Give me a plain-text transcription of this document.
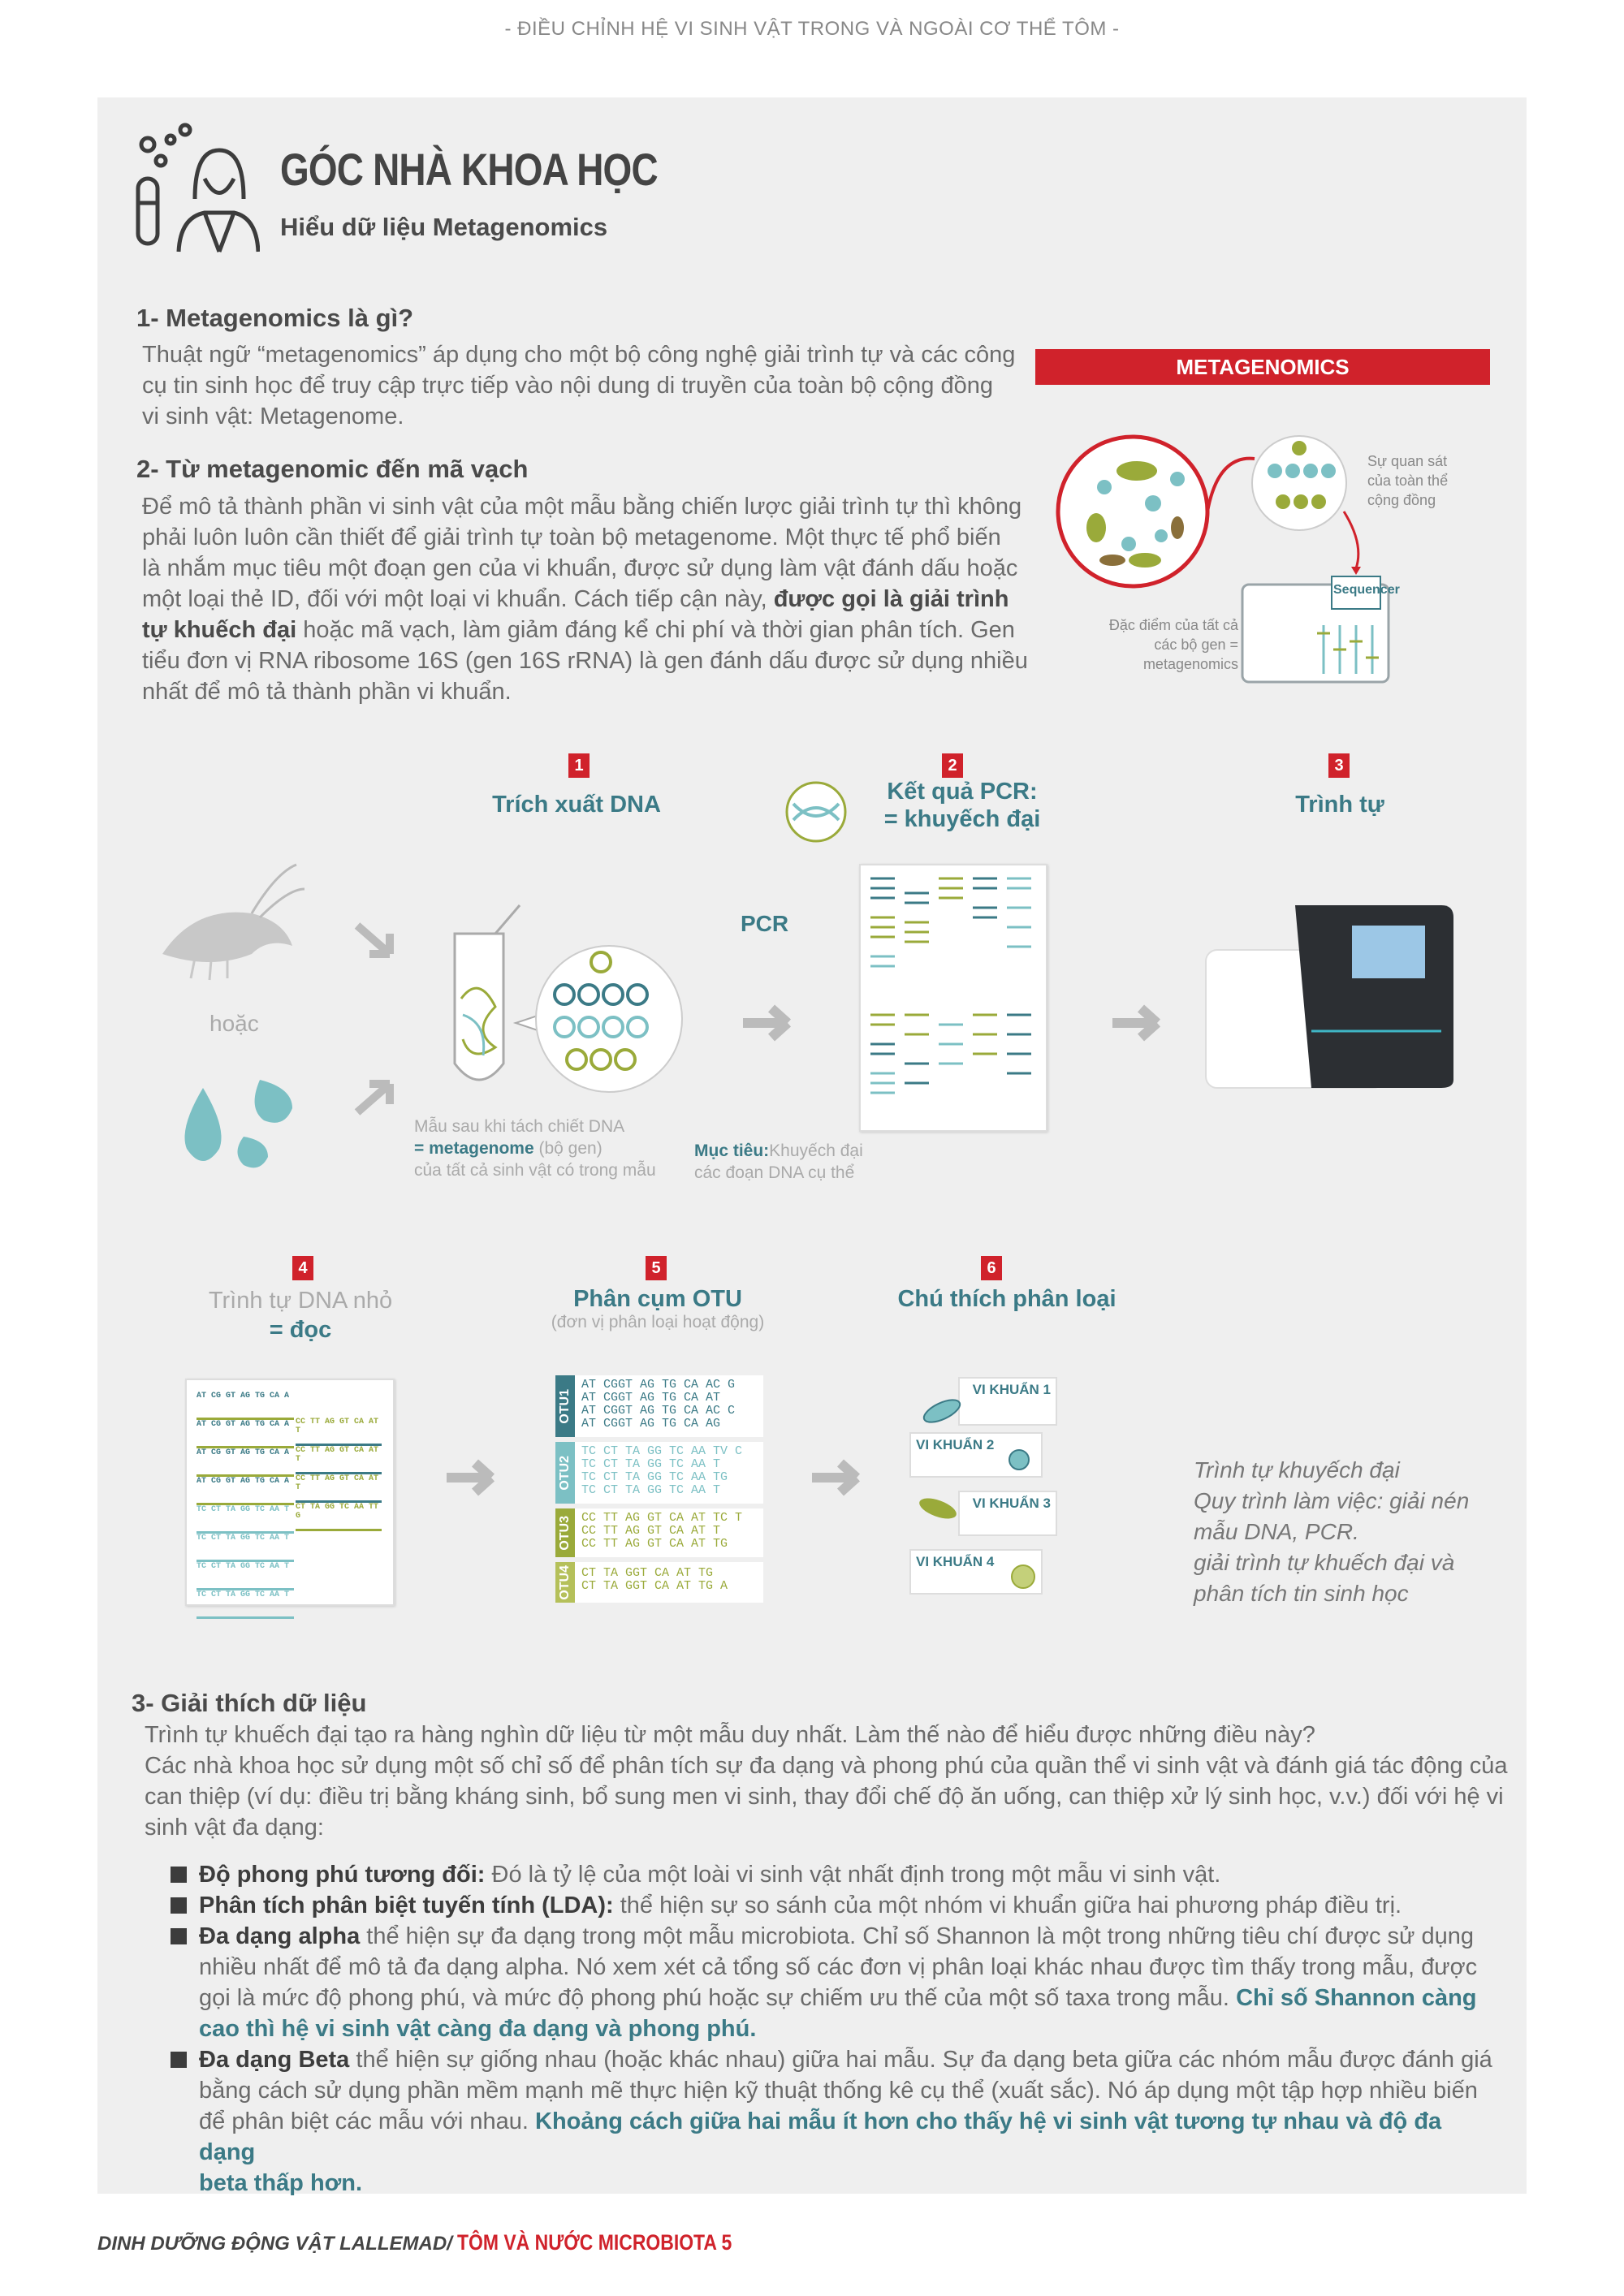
- ĐIỀU CHỈNH HỆ VI SINH VẬT TRONG VÀ NGOÀI CƠ THỂ TÔM -
GÓC NHÀ KHOA HỌC
Hiểu dữ liệu Metagenomics
1- Metagenomics là gì?
Thuật ngữ “metagenomics” áp dụng cho một bộ công nghệ giải trình tự và các công
cụ tin sinh học để truy cập trực tiếp vào nội dung di truyền của toàn bộ cộng đồng
vi sinh vật: Metagenome.
2- Từ metagenomic đến mã vạch
Để mô tả thành phần vi sinh vật của một mẫu bằng chiến lược giải trình tự thì không
phải luôn luôn cần thiết để giải trình tự toàn bộ metagenome. Một thực tế phổ biến
là nhắm mục tiêu một đoạn gen của vi khuẩn, được sử dụng làm vật đánh dấu hoặc
một loại thẻ ID, đối với một loại vi khuẩn. Cách tiếp cận này, được gọi là giải trình
tự khuếch đại hoặc mã vạch, làm giảm đáng kể chi phí và thời gian phân tích. Gen
tiểu đơn vị RNA ribosome 16S (gen 16S rRNA) là gen đánh dấu được sử dụng nhiều
nhất để mô tả thành phần vi khuẩn.
METAGENOMICS
Sequencer
Sự quan sát
của toàn thể
cộng đồng
Đặc điểm của tất cả
các bộ gen =
metagenomics
1
Trích xuất DNA
2
Kết quả PCR:
= khuyếch đại
3
Trình tự
hoặc
Mẫu sau khi tách chiết DNA
= metagenome (bộ gen)
của tất cả sinh vật có trong mẫu
PCR
Mục tiêu:Khuyếch đại
các đoạn DNA cụ thể
4
Trình tự DNA nhỏ
= đọc
5
Phân cụm OTU
(đơn vị phân loại hoạt động)
6
Chú thích phân loại
AT CG GT AG TG CA A
AT CG GT AG TG CA A
AT CG GT AG TG CA A
AT CG GT AG TG CA A
TC CT TA GG TC AA T
TC CT TA GG TC AA T
TC CT TA GG TC AA T
TC CT TA GG TC AA T
CC TT AG GT CA AT T
CC TT AG GT CA AT T
CC TT AG GT CA AT T
CT TA GG TC AA TT G
OTU1
AT CGGT AG TG CA AC G
AT CGGT AG TG CA AT
AT CGGT AG TG CA AC C
AT CGGT AG TG CA AG
OTU2
TC CT TA GG TC AA TV C
TC CT TA GG TC AA T
TC CT TA GG TC AA TG
TC CT TA GG TC AA T
OTU3 CC TT AG GT CA AT TC T
CC TT AG GT CA AT T
CC TT AG GT CA AT TG
OTU4 CT TA GGT CA AT TG
CT TA GGT CA AT TG A
VI KHUẨN 1
VI KHUẨN 2
VI KHUẨN 3
VI KHUẨN 4
Trình tự khuyếch đại
Quy trình làm việc: giải nén
mẫu DNA, PCR.
giải trình tự khuếch đại và
phân tích tin sinh học
3- Giải thích dữ liệu
Trình tự khuếch đại tạo ra hàng nghìn dữ liệu từ một mẫu duy nhất. Làm thế nào để hiểu được những điều này?
Các nhà khoa học sử dụng một số chỉ số để phân tích sự đa dạng và phong phú của quần thể vi sinh vật và đánh giá tác động của
can thiệp (ví dụ: điều trị bằng kháng sinh, bổ sung men vi sinh, thay đổi chế độ ăn uống, can thiệp xử lý sinh học, v.v.) đối với hệ vi
sinh vật đa dạng:
Độ phong phú tương đối: Đó là tỷ lệ của một loài vi sinh vật nhất định trong một mẫu vi sinh vật.
Phân tích phân biệt tuyến tính (LDA): thể hiện sự so sánh của một nhóm vi khuẩn giữa hai phương pháp điều trị.
Đa dạng alpha thể hiện sự đa dạng trong một mẫu microbiota. Chỉ số Shannon là một trong những tiêu chí được sử dụng
nhiều nhất để mô tả đa dạng alpha. Nó xem xét cả tổng số các đơn vị phân loại khác nhau được tìm thấy trong mẫu, được
gọi là mức độ phong phú, và mức độ phong phú hoặc sự chiếm ưu thế của một số taxa trong mẫu. Chỉ số Shannon càng
cao thì hệ vi sinh vật càng đa dạng và phong phú.
Đa dạng Beta thể hiện sự giống nhau (hoặc khác nhau) giữa hai mẫu. Sự đa dạng beta giữa các nhóm mẫu được đánh giá
bằng cách sử dụng phần mềm mạnh mẽ thực hiện kỹ thuật thống kê cụ thể (xuất sắc). Nó áp dụng một tập hợp nhiều biến
để phân biệt các mẫu với nhau. Khoảng cách giữa hai mẫu ít hơn cho thấy hệ vi sinh vật tương tự nhau và độ đa dạng
beta thấp hơn.
DINH DƯỠNG ĐỘNG VẬT LALLEMAD/ TÔM VÀ NƯỚC MICROBIOTA 5
